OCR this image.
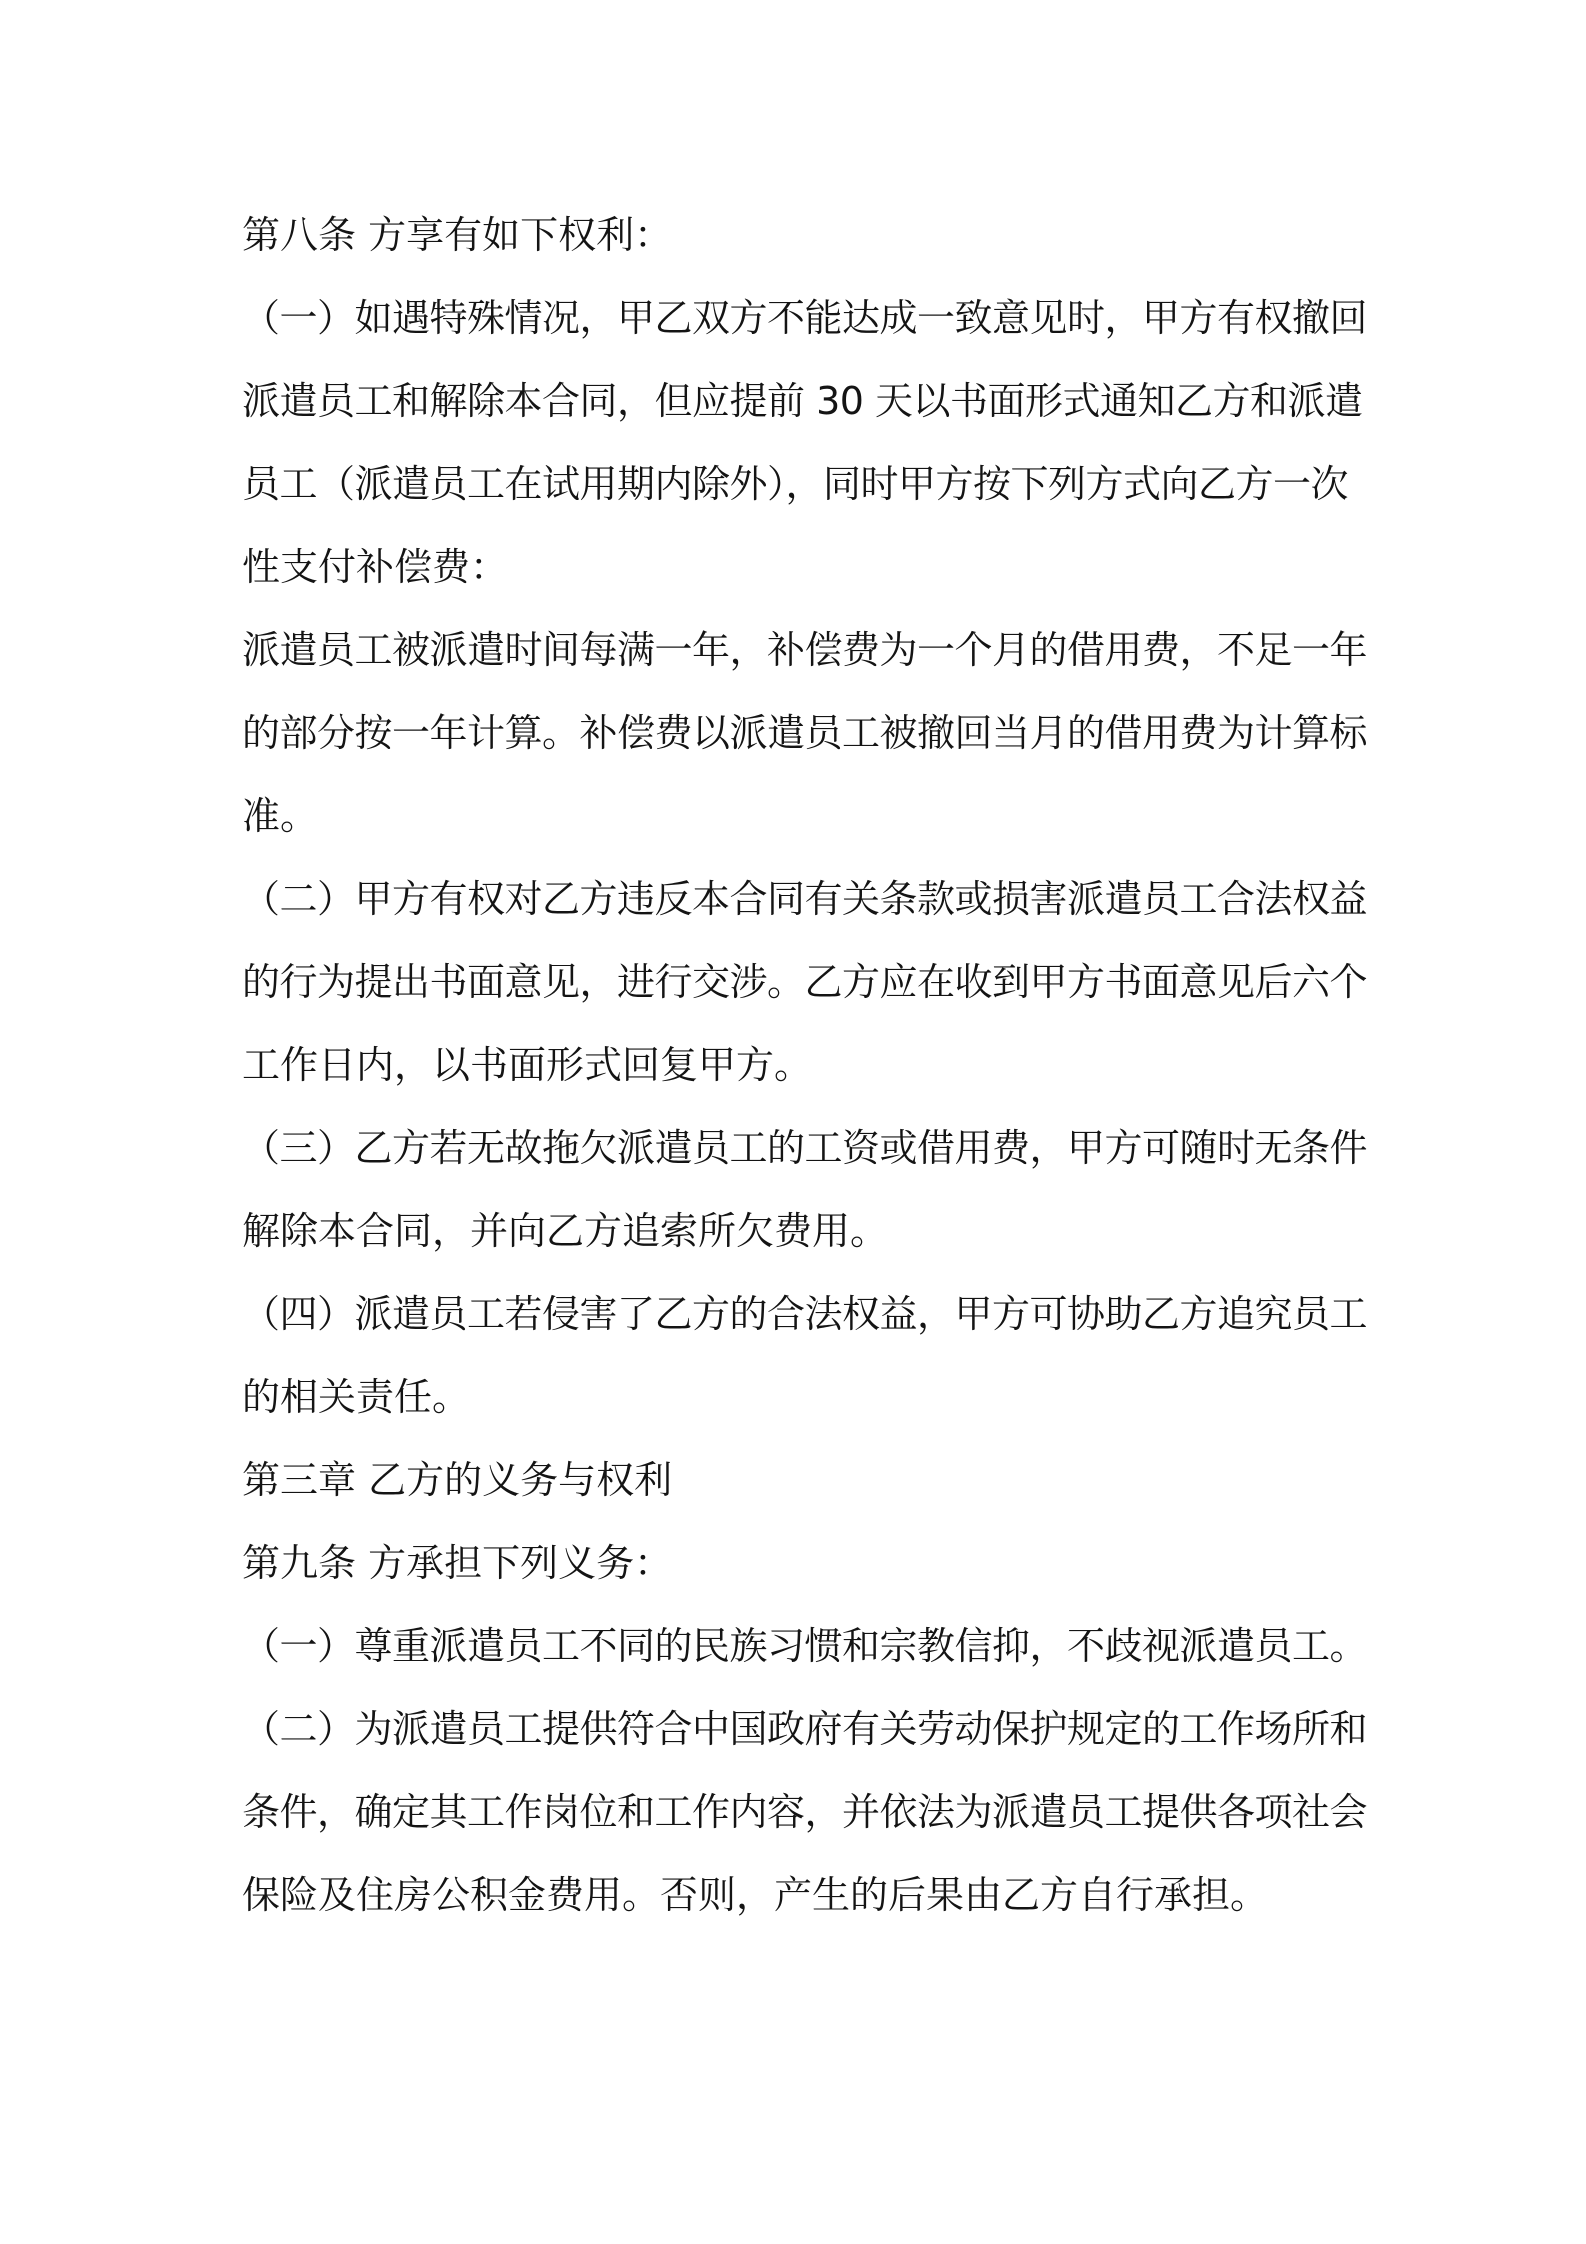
第八条 方享有如下权利：
（一）如遇特殊情况，甲乙双方不能达成一致意见时，甲方有权撤回
派遣员工和解除本合同，但应提前 30 天以书面形式通知乙方和派遣
员工（派遣员工在试用期内除外），同时甲方按下列方式向乙方一次
性支付补偿费：
派遣员工被派遣时间每满一年，补偿费为一个月的借用费，不足一年
的部分按一年计算。补偿费以派遣员工被撤回当月的借用费为计算标
准。
（二）甲方有权对乙方违反本合同有关条款或损害派遣员工合法权益
的行为提出书面意见，进行交涉。乙方应在收到甲方书面意见后六个
工作日内，以书面形式回复甲方。
（三）乙方若无故拖欠派遣员工的工资或借用费，甲方可随时无条件
解除本合同，并向乙方追索所欠费用。
（四）派遣员工若侵害了乙方的合法权益，甲方可协助乙方追究员工
的相关责任。
第三章 乙方的义务与权利
第九条 方承担下列义务：
（一）尊重派遣员工不同的民族习惯和宗教信抑，不歧视派遣员工。
（二）为派遣员工提供符合中国政府有关劳动保护规定的工作场所和
条件，确定其工作岗位和工作内容，并依法为派遣员工提供各项社会
保险及住房公积金费用。否则，产生的后果由乙方自行承担。
